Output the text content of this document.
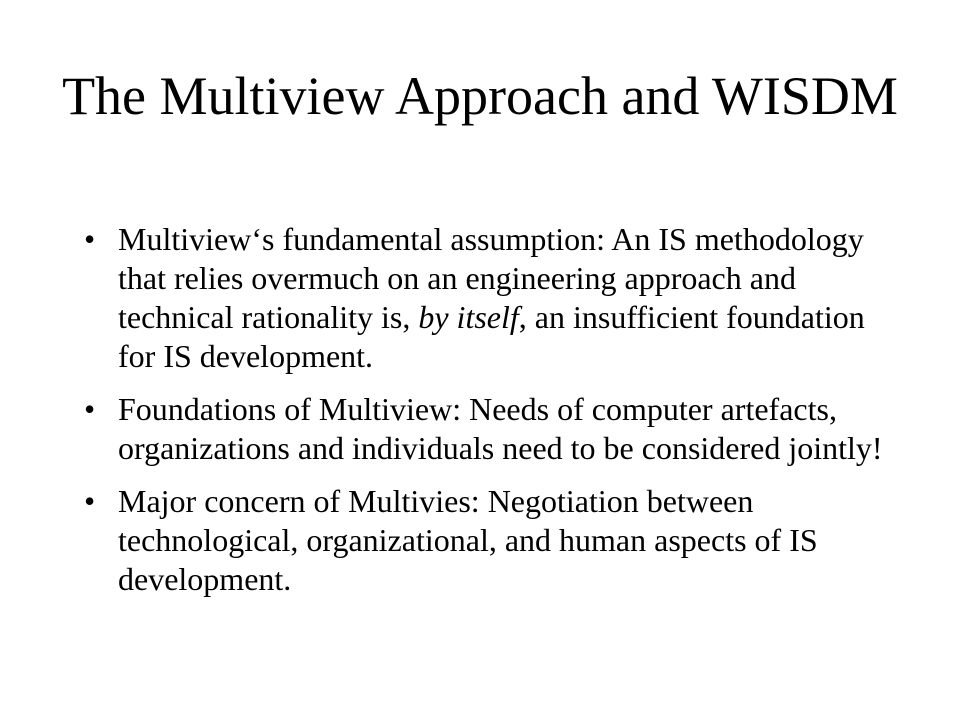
The Multiview Approach and WISDM
• Multiview‘s fundamental assumption: An IS methodology that relies overmuch on an engineering approach and technical rationality is, by itself, an insufficient foundation for IS development.
• Foundations of Multiview: Needs of computer artefacts, organizations and individuals need to be considered jointly!
• Major concern of Multivies: Negotiation between technological, organizational, and human aspects of IS development.
